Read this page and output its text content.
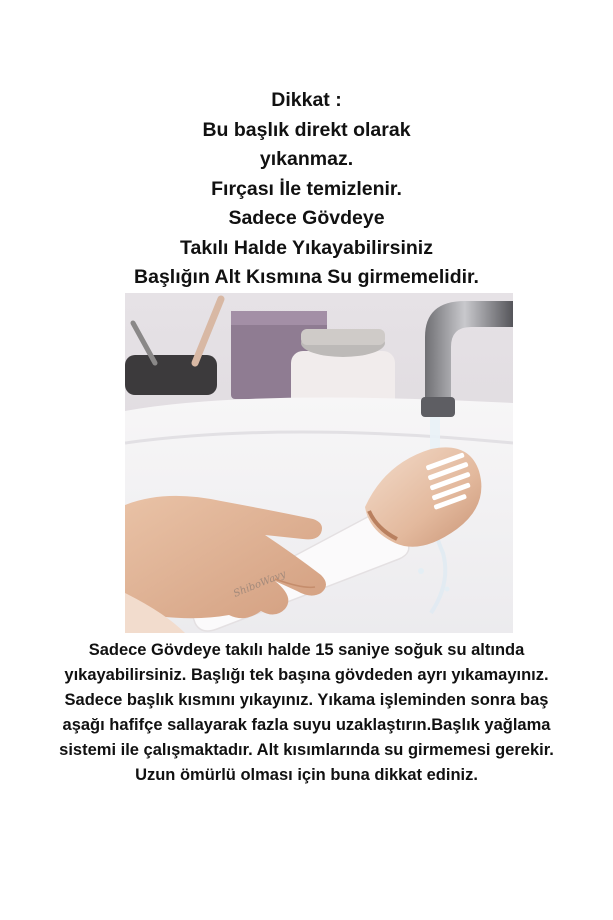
Dikkat :
Bu başlık direkt olarak
yıkanmaz.
Fırçası İle temizlenir.
Sadece Gövdeye
Takılı Halde Yıkayabilirsiniz
Başlığın Alt Kısmına Su girmemelidir.
ShiboWavy
Sadece Gövdeye takılı halde 15 saniye soğuk su altında
yıkayabilirsiniz. Başlığı tek başına gövdeden ayrı yıkamayınız.
Sadece başlık kısmını yıkayınız. Yıkama işleminden sonra baş
aşağı hafifçe sallayarak fazla suyu uzaklaştırın.Başlık yağlama
sistemi ile çalışmaktadır. Alt kısımlarında su girmemesi gerekir.
Uzun ömürlü olması için buna dikkat ediniz.
